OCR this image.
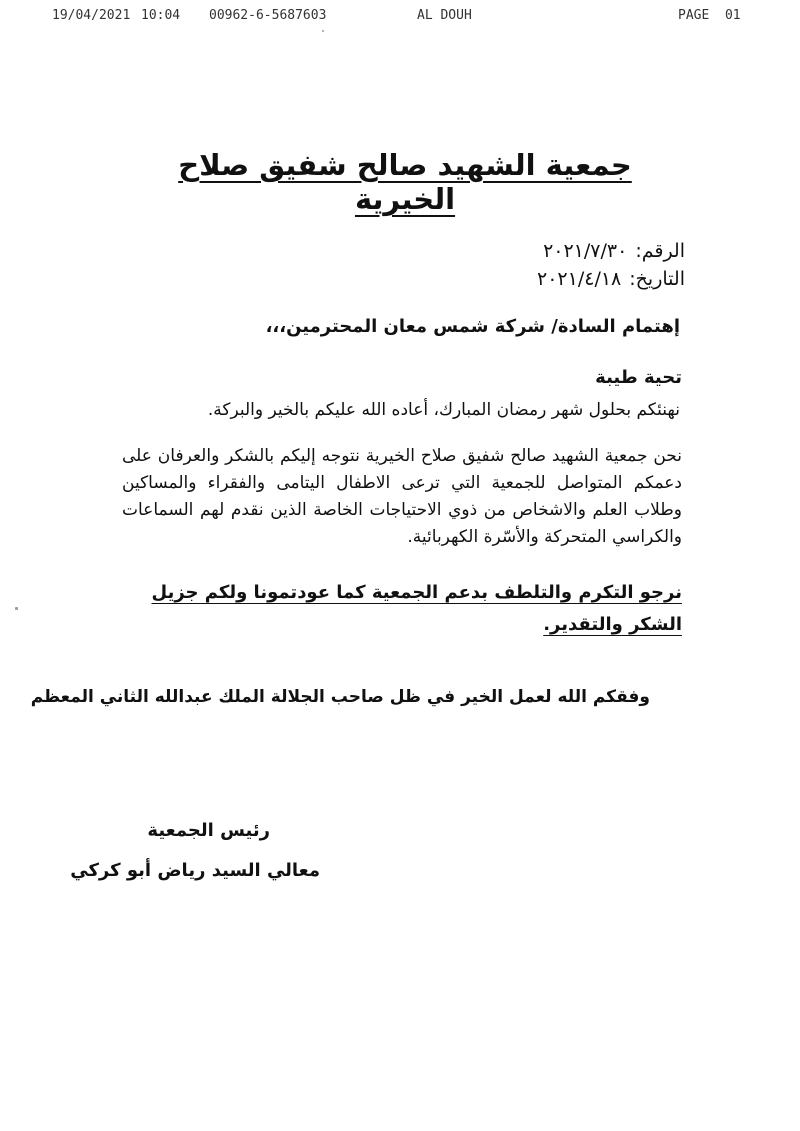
19/04/2021 10:04 00962-6-5687603	AL DOUH	PAGE  01
جمعية الشهيد صالح شفيق صلاح الخيرية
الرقم:٢٠٢١/٧/٣٠
التاريخ:٢٠٢١/٤/١٨
إهتمام السادة/ شركة شمس معان المحترمين،،،
تحية طيبة
نهنئكم بحلول شهر رمضان المبارك، أعاده الله عليكم بالخير والبركة.
نحن جمعية الشهيد صالح شفيق صلاح الخيرية نتوجه إليكم بالشكر والعرفان على دعمكم المتواصل للجمعية التي ترعى الاطفال اليتامى والفقراء والمساكين وطلاب العلم والاشخاص من ذوي الاحتياجات الخاصة الذين نقدم لهم السماعات والكراسي المتحركة والأسّرة الكهربائية.
نرجو التكرم والتلطف بدعم الجمعية كما عودتمونا ولكم جزيل الشكر والتقدير.
وفقكم الله لعمل الخير في ظل صاحب الجلالة الملك عبدالله الثاني المعظم
رئيس الجمعية
معالي السيد رياض أبو كركي
